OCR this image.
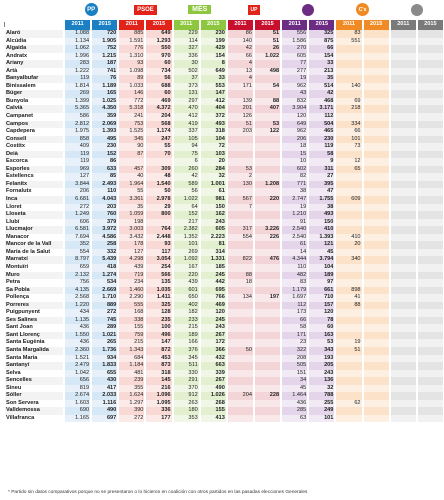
PP	PSOE	MÉS	UP	C's
	2011	2015	2011	2015	2011	2015	2011	2015	2011	2015	2011	2015	2011	2015
Alaró	1.088	720	885	649	229	230	86	51	556	325	83			
Alcúdia	1.134	1.905	1.591	1.293	114	199	140	51	1.586	875	551			
Algaida	1.062	752	776	550	327	429	42	26	270	66				
Andratx	1.996	1.215	1.310	970	336	154	66	1.022	605	154				
Ariany	283	187	93	60	30	8	4		77	33				
Artà	1.222	741	1.098	734	502	649	13	498	277	213				
Banyalbufar	119	76	89	56	37	33	4		19	35				
Binissalem	1.814	1.189	1.033	688	373	553	171	54	962	514	140			
Búger	269	165	146	60	131	147			43	42				
Bunyola	1.399	1.025	772	469	297	412	139	88	832	468	69			
Calvià	5.365	4.350	5.318	4.372	470	404	201	407	3.904	3.171	218			
Campanet	586	359	241	204	412	372	126		120	112				
Campos	2.812	2.069	753	568	419	493	51	53	649	504	334			
Capdepera	1.975	1.393	1.525	1.174	337	318	203	122	962	465	66			
Consell	858	495	345	247	105	104			206	230	101			
Costitx	409	230	90	55	94	72			18	119	73			
Deià	119	152	87	70	75	103			15	58				
Escorca	119	86			6	20			10	9	12			
Esporles	969	633	457	309	260	284	53		602	311	65			
Estellencs	127	85	40	48	42	32	2		82	27				
Felanitx	3.844	2.493	1.964	1.540	589	1.001	130	1.208	771	395				
Fornalutx	206	110	55	50	56	61			38	47				
Inca	6.681	4.043	3.361	2.978	1.022	981	567	220	2.747	1.755	609			
Lloret	272	203	35	29	64	150	7		19	38				
Lloseta	1.249	760	1.059	800	152	162			1.210	493				
Llubí	606	379	198		217	243			91	150				
Llucmajor	6.581	3.972	3.003	764	2.382	605	317	3.226	2.540	410				
Manacor	7.694	4.586	3.432	2.448	1.352	2.223	554	226	2.540	1.393	410			
Mancor de la Vall	352	258	178	93	101	81			61	121	20			
Maria de la Salut	554	332	127	117	269	314			14	45				
Marratxí	8.797	5.439	4.298	3.054	1.092	1.331	822	476	4.344	3.794	340			
Montuïri	659	418	439	254	167	185			110	104				
Muro	2.132	1.274	719	566	220	245	88		482	189				
Petra	756	534	234	135	439	442	18		83	97				
Sa Pobla	4.135	2.669	1.460	1.035	601	695			1.179	661	898			
Pollença	2.568	1.710	2.290	1.411	650	766	134	197	1.697	710	41			
Porreres	1.220	889	555	325	402	469			112	157	88			
Puigpunyent	434	272	168	128	182	120			173	120				
Ses Salines	1.135	745	338	235	233	245			66	78				
Sant Joan	436	289	155	100	215	243			58	60				
Sant Llorenç	1.550	1.021	759	496	189	267			171	163				
Santa Eugènia	436	265	215	147	166	172			23	53	19			
Santa Margalida	2.360	1.736	1.343	872	376	366	50		322	343	51			
Santa Maria	1.521	934	684	453	345	432			208	193				
Santanyí	2.479	1.833	1.184	873	511	663			505	205				
Selva	1.042	655	481	318	330	339			151	243				
Sencelles	656	430	239	145	291	267			34	136				
Sineu	819	417	355	216	370	490			45	32				
Sóller	2.674	2.033	1.624	1.096	912	1.026	204	228	1.464	788				
Son Servera	1.603	1.116	1.297	1.095	263	268			436	255	62			
Valldemossa	690	490	390	336	180	155			285	249				
Villafranca	1.165	697	272	177	353	413			63	101				
* Partido sin datos comparativos porque no se presentaron o lo hicieron en coalición con otros partidos en las pasadas elecciones Generales
